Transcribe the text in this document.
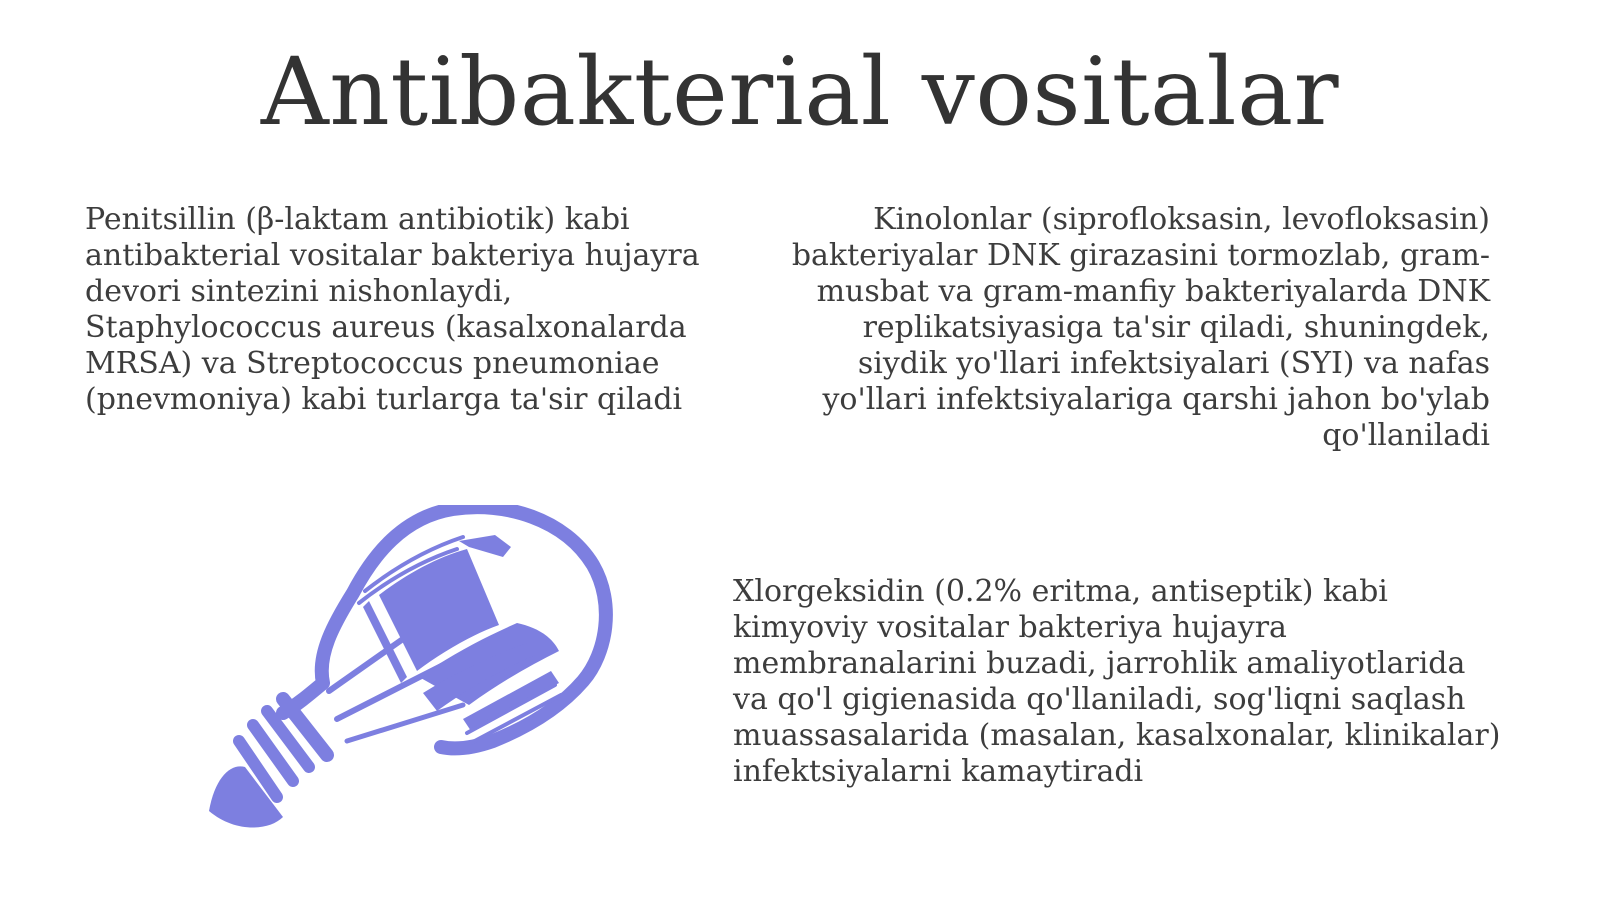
Antibakterial vositalar
Penitsillin (β-laktam antibiotik) kabi antibakterial vositalar bakteriya hujayra devori sintezini nishonlaydi, Staphylococcus aureus (kasalxonalarda MRSA) va Streptococcus pneumoniae (pnevmoniya) kabi turlarga ta'sir qiladi
Kinolonlar (siprofloksasin, levofloksasin) bakteriyalar DNK girazasini tormozlab, gram-musbat va gram-manfiy bakteriyalarda DNK replikatsiyasiga ta'sir qiladi, shuningdek, siydik yo'llari infektsiyalari (SYI) va nafas yo'llari infektsiyalariga qarshi jahon bo'ylab qo'llaniladi
Xlorgeksidin (0.2% eritma, antiseptik) kabi kimyoviy vositalar bakteriya hujayra membranalarini buzadi, jarrohlik amaliyotlarida va qo'l gigienasida qo'llaniladi, sog'liqni saqlash muassasalarida (masalan, kasalxonalar, klinikalar) infektsiyalarni kamaytiradi
